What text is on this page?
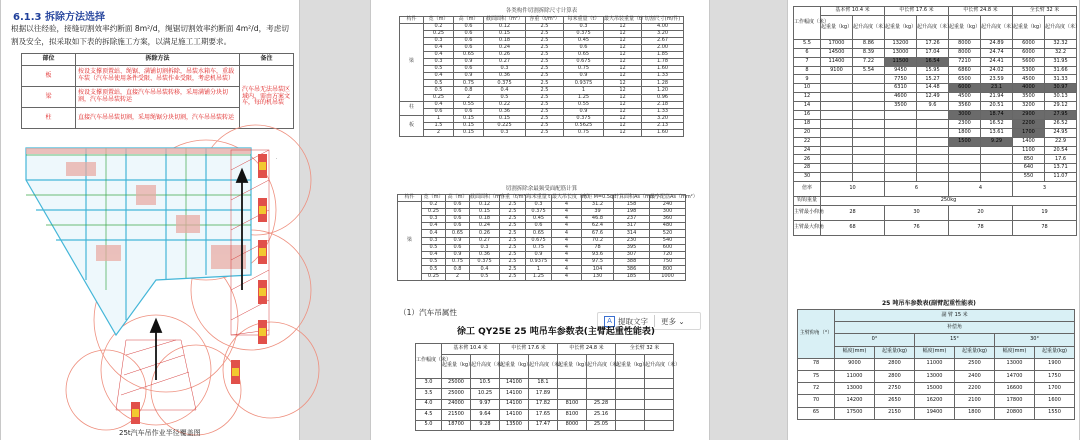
6.1.3 拆除方法选择
根据以往经验，接缝切割效率约断面 8m²/d，绳锯切割效率约断面 4m²/d，考虑切割及安全，拟采取如下表的拆除施工方案，以满足施工工期要求。
部位	拆除方法	备注
板	按设支撑顶置站、绳锯、满铺切割拆除，吊装水箱车，重载车装（汽车吊使用条件受限、吊装作业受限，考虑机吊装）	汽车吊无法吊装区域内，需由方案文车，每的机吊装
梁	按设支撑顶置站，直接汽车吊吊装转移，采用满铺分块切割，汽车吊吊装转运	
柱	直接汽车吊吊装切割，采用绳锯分块切割，汽车吊吊装转运	
·
25t汽车吊作业半径覆盖图
各类构件切割拆除尺寸计算表							
构件	宽（m）	高（m）	截面面积（m²）	容重（t/m³）	每米重量（t）	最大吊装重量（t）	切割尺寸(m/件)
梁	0.2	0.6	0.12	2.5	0.3	12	4.00
	0.25	0.6	0.15	2.5	0.375	12	3.20
	0.3	0.6	0.18	2.5	0.45	12	2.67
	0.4	0.6	0.24	2.5	0.6	12	2.00
	0.4	0.65	0.26	2.5	0.65	12	1.85
	0.3	0.9	0.27	2.5	0.675	12	1.78
	0.5	0.6	0.3	2.5	0.75	12	1.60
	0.4	0.9	0.36	2.5	0.9	12	1.33
	0.5	0.75	0.375	2.5	0.9375	12	1.28
	0.5	0.8	0.4	2.5	1	12	1.20
	0.25	2	0.5	2.5	1.25	12	0.96
柱	0.4	0.55	0.22	2.5	0.55	12	2.18
	0.6	0.6	0.36	2.5	0.9	12	1.33
板	1	0.15	0.15	2.5	0.375	12	3.20
	1.5	0.15	0.225	2.5	0.5625	12	2.13
	2	0.15	0.3	2.5	0.75	12	1.60
切割拆除余最频受面配筋计算									
构件	宽（m）	高（m）	截面面积（m²）	容重（t/m³）	每米重量 t	最大吊长度（m）	弯矩 M=0.5qlˢ	计算面积As（mm²）	最小配筋As（mm²）
梁	0.2	0.6	0.12	2.5	0.3	4	31.2	158	240
	0.25	0.6	0.15	2.5	0.375	4	39	198	300
	0.3	0.6	0.18	2.5	0.45	4	46.8	237	360
	0.4	0.6	0.24	2.5	0.6	4	62.4	317	480
	0.4	0.65	0.26	2.5	0.65	4	67.6	314	520
	0.3	0.9	0.27	2.5	0.675	4	70.2	230	540
	0.5	0.6	0.3	2.5	0.75	4	78	395	600
	0.4	0.9	0.36	2.5	0.9	4	93.6	307	720
	0.5	0.75	0.375	2.5	0.9375	4	97.5	388	750
	0.5	0.8	0.4	2.5	1	4	104	386	800
	0.25	2	0.5	2.5	1.25	4	130	185	1000
（1）汽车吊属性
A 提取文字 更多 ⌄
徐工 QY25E 25 吨吊车参数表(主臂起重性能表)
工作幅度（米）	基本臂 10.4 米		中长臂 17.6 米		中长臂 24.8 米		全长臂 32 米	
	起重量（kg）	起升高度（米）	起重量（kg）	起升高度（米）	起重量（kg）	起升高度（米）	起重量（kg）	起升高度（米）
3.0	25000	10.5	14100	18.1				
3.5	25000	10.25	14100	17.89				
4.0	24000	9.97	14100	17.82	8100	25.28		
4.5	21500	9.64	14100	17.65	8100	25.16		
5.0	18700	9.28	13500	17.47	8000	25.05		
工作幅度（米）	基本臂 10.4 米		中长臂 17.6 米		中长臂 24.8 米		全长臂 32 米	
	起重量（kg）	起升高度（米）	起重量（kg）	起升高度（米）	起重量（kg）	起升高度（米）	起重量（kg）	起升高度（米）
5.5	17000	8.86	13200	17.26	8000	24.89	6000	32.32
6	14500	8.39	13000	17.04	8000	24.74	6000	32.2
7	11400	7.22	11500	16.54	7210	24.41	5600	31.95
8	9100	5.54	9450	15.95	6860	24.02	5300	31.66
9			7750	15.27	6500	23.59	4500	31.33
10			6310	14.48	6000	23.1	4000	30.97
12			4600	12.49	4500	21.94	3500	30.13
14			3500	9.6	3560	20.51	3200	29.12
16					3000	18.74	2900	27.95
18					2300	16.52	2200	26.52
20					1800	13.61	1700	24.95
22					1500	9.29	1400	22.9
24							1100	20.54
26							850	17.6
28							640	13.71
30							550	11.07
倍率	10		6		4		3	
钩钩重量	250kg							
主臂最小仰角	28		30		20		19	
主臂最大仰角	68		76		78		78	
25 吨吊车参数表(副臂起重性能表)
主臂仰角（°）	副 臂 15 米					
	补偿角					
	0°		15°		30°	
	幅度(mm)	起重量(kg)	幅度(mm)	起重量(kg)	幅度(mm)	起重量(kg)
78	9000	2800	11000	2500	13000	1900
75	11000	2800	13000	2400	14700	1750
72	13000	2750	15000	2200	16600	1700
70	14200	2650	16200	2100	17800	1600
65	17500	2150	19400	1800	20800	1550
